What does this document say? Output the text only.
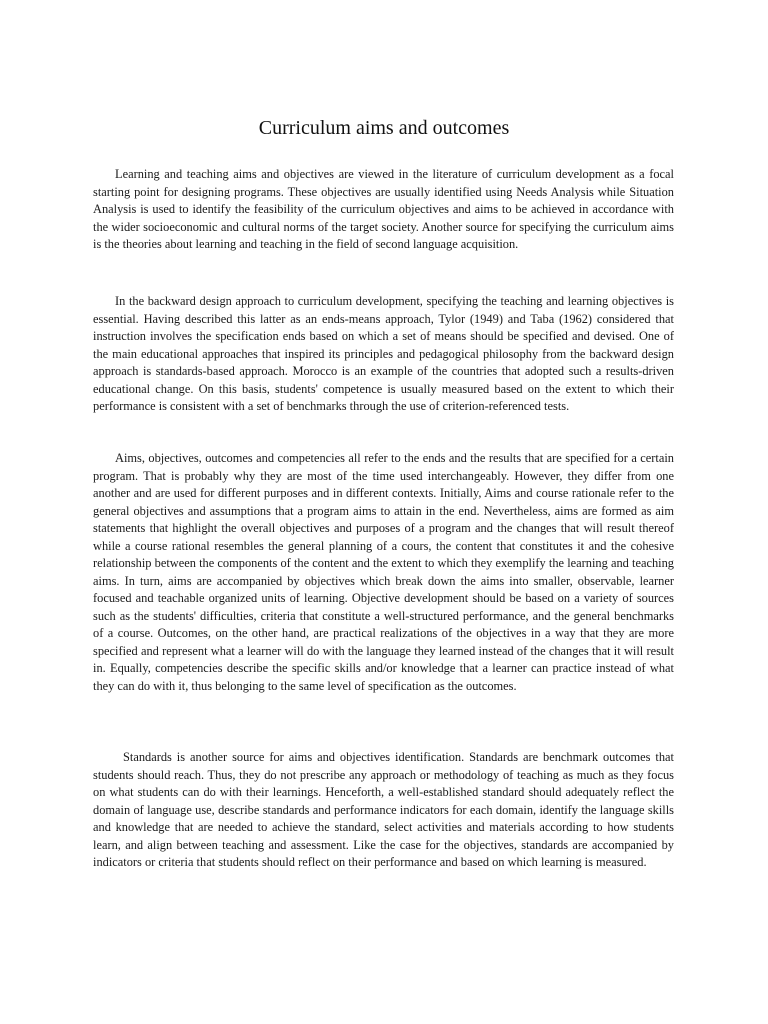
Curriculum aims and outcomes

Learning and teaching aims and objectives are viewed in the literature of curriculum development as a focal starting point for designing programs. These objectives are usually identified using Needs Analysis while Situation Analysis is used to identify the feasibility of the curriculum objectives and aims to be achieved in accordance with the wider socioeconomic and cultural norms of the target society. Another source for specifying the curriculum aims is the theories about learning and teaching in the field of second language acquisition.

In the backward design approach to curriculum development, specifying the teaching and learning objectives is essential. Having described this latter as an ends-means approach, Tylor (1949) and Taba (1962) considered that instruction involves the specification ends based on which a set of means should be specified and devised. One of the main educational approaches that inspired its principles and pedagogical philosophy from the backward design approach is standards-based approach. Morocco is an example of the countries that adopted such a results-driven educational change. On this basis, students' competence is usually measured based on the extent to which their performance is consistent with a set of benchmarks through the use of criterion-referenced tests.

Aims, objectives, outcomes and competencies all refer to the ends and the results that are specified for a certain program. That is probably why they are most of the time used interchangeably. However, they differ from one another and are used for different purposes and in different contexts. Initially, Aims and course rationale refer to the general objectives and assumptions that a program aims to attain in the end. Nevertheless, aims are formed as aim statements that highlight the overall objectives and purposes of a program and the changes that will result thereof while a course rational resembles the general planning of a cours, the content that constitutes it and the cohesive relationship between the components of the content and the extent to which they exemplify the learning and teaching aims. In turn, aims are accompanied by objectives which break down the aims into smaller, observable, learner focused and teachable organized units of learning. Objective development should be based on a variety of sources such as the students' difficulties, criteria that constitute a well-structured performance, and the general benchmarks of a course. Outcomes, on the other hand, are practical realizations of the objectives in a way that they are more specified and represent what a learner will do with the language they learned instead of the changes that it will result in. Equally, competencies describe the specific skills and/or knowledge that a learner can practice instead of what they can do with it, thus belonging to the same level of specification as the outcomes.

Standards is another source for aims and objectives identification. Standards are benchmark outcomes that students should reach. Thus, they do not prescribe any approach or methodology of teaching as much as they focus on what students can do with their learnings. Henceforth, a well-established standard should adequately reflect the domain of language use, describe standards and performance indicators for each domain, identify the language skills and knowledge that are needed to achieve the standard, select activities and materials according to how students learn, and align between teaching and assessment. Like the case for the objectives, standards are accompanied by indicators or criteria that students should reflect on their performance and based on which learning is measured.
